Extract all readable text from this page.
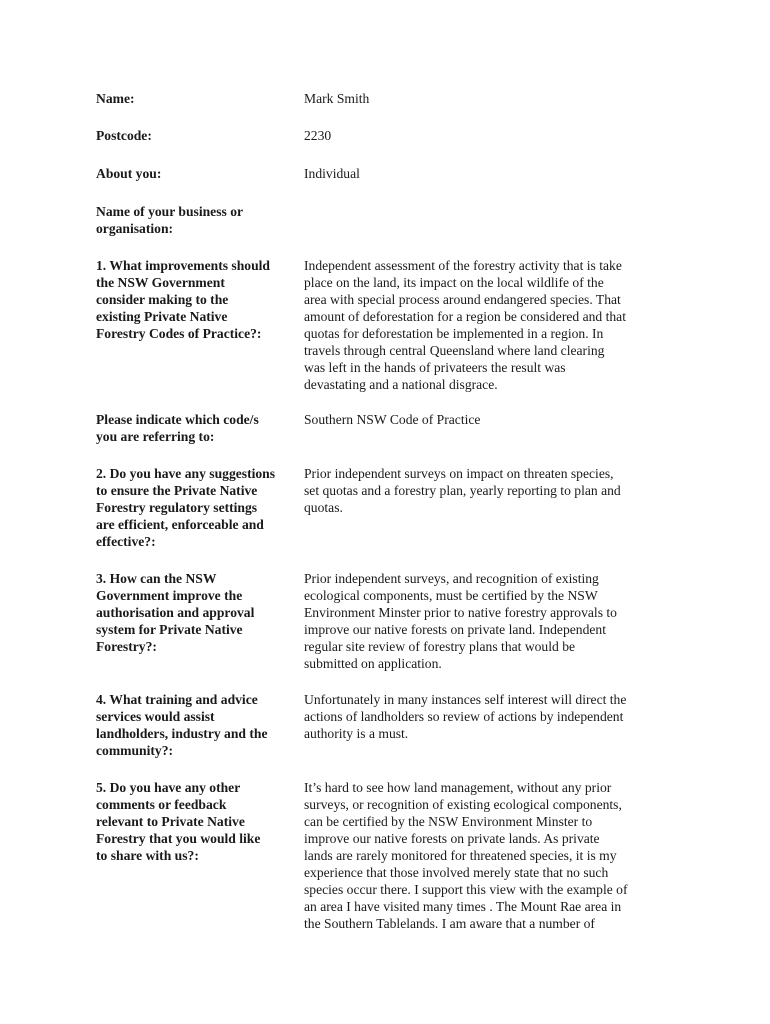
Name:	Mark Smith
Postcode:	2230
About you:	Individual
Name of your business or
organisation:
1. What improvements should
the NSW Government
consider making to the
existing Private Native
Forestry Codes of Practice?:
Independent assessment of the forestry activity that is take
place on the land, its impact on the local wildlife of the
area with special process around endangered species. That
amount of deforestation for a region be considered and that
quotas for deforestation be implemented in a region. In
travels through central Queensland where land clearing
was left in the hands of privateers the result was
devastating and a national disgrace.
Please indicate which code/s
you are referring to:
Southern NSW Code of Practice
2. Do you have any suggestions
to ensure the Private Native
Forestry regulatory settings
are efficient, enforceable and
effective?:
Prior independent surveys on impact on threaten species,
set quotas and a forestry plan, yearly reporting to plan and
quotas.
3. How can the NSW
Government improve the
authorisation and approval
system for Private Native
Forestry?:
Prior independent surveys, and recognition of existing
ecological components, must be certified by the NSW
Environment Minster prior to native forestry approvals to
improve our native forests on private land. Independent
regular site review of forestry plans that would be
submitted on application.
4. What training and advice
services would assist
landholders, industry and the
community?:
Unfortunately in many instances self interest will direct the
actions of landholders so review of actions by independent
authority is a must.
5. Do you have any other
comments or feedback
relevant to Private Native
Forestry that you would like
to share with us?:
It’s hard to see how land management, without any prior
surveys, or recognition of existing ecological components,
can be certified by the NSW Environment Minster to
improve our native forests on private lands. As private
lands are rarely monitored for threatened species, it is my
experience that those involved merely state that no such
species occur there. I support this view with the example of
an area I have visited many times . The Mount Rae area in
the Southern Tablelands. I am aware that a number of
